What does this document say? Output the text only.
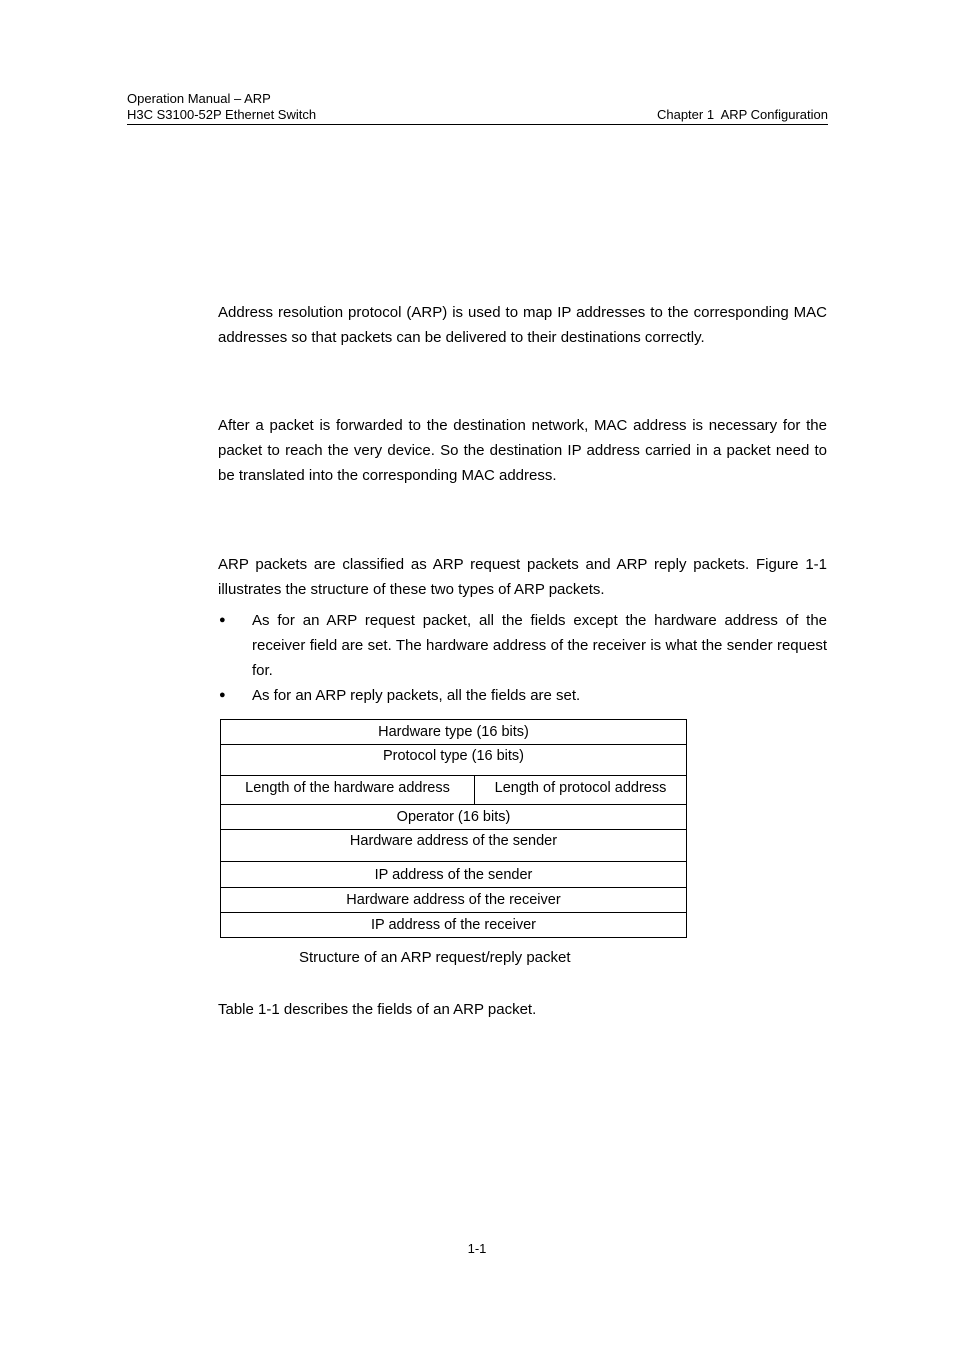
Operation Manual – ARP
H3C S3100-52P Ethernet Switch	Chapter 1  ARP Configuration
Address resolution protocol (ARP) is used to map IP addresses to the corresponding MAC addresses so that packets can be delivered to their destinations correctly.
After a packet is forwarded to the destination network, MAC address is necessary for the packet to reach the very device. So the destination IP address carried in a packet need to be translated into the corresponding MAC address.
ARP packets are classified as ARP request packets and ARP reply packets. Figure 1-1 illustrates the structure of these two types of ARP packets.
● As for an ARP request packet, all the fields except the hardware address of the receiver field are set. The hardware address of the receiver is what the sender request for.
● As for an ARP reply packets, all the fields are set.
Hardware type (16 bits)
Protocol type (16 bits)
Length of the hardware address	Length of protocol address
Operator (16 bits)
Hardware address of the sender
IP address of the sender
Hardware address of the receiver
IP address of the receiver
Structure of an ARP request/reply packet
Table 1-1 describes the fields of an ARP packet.
1-1
